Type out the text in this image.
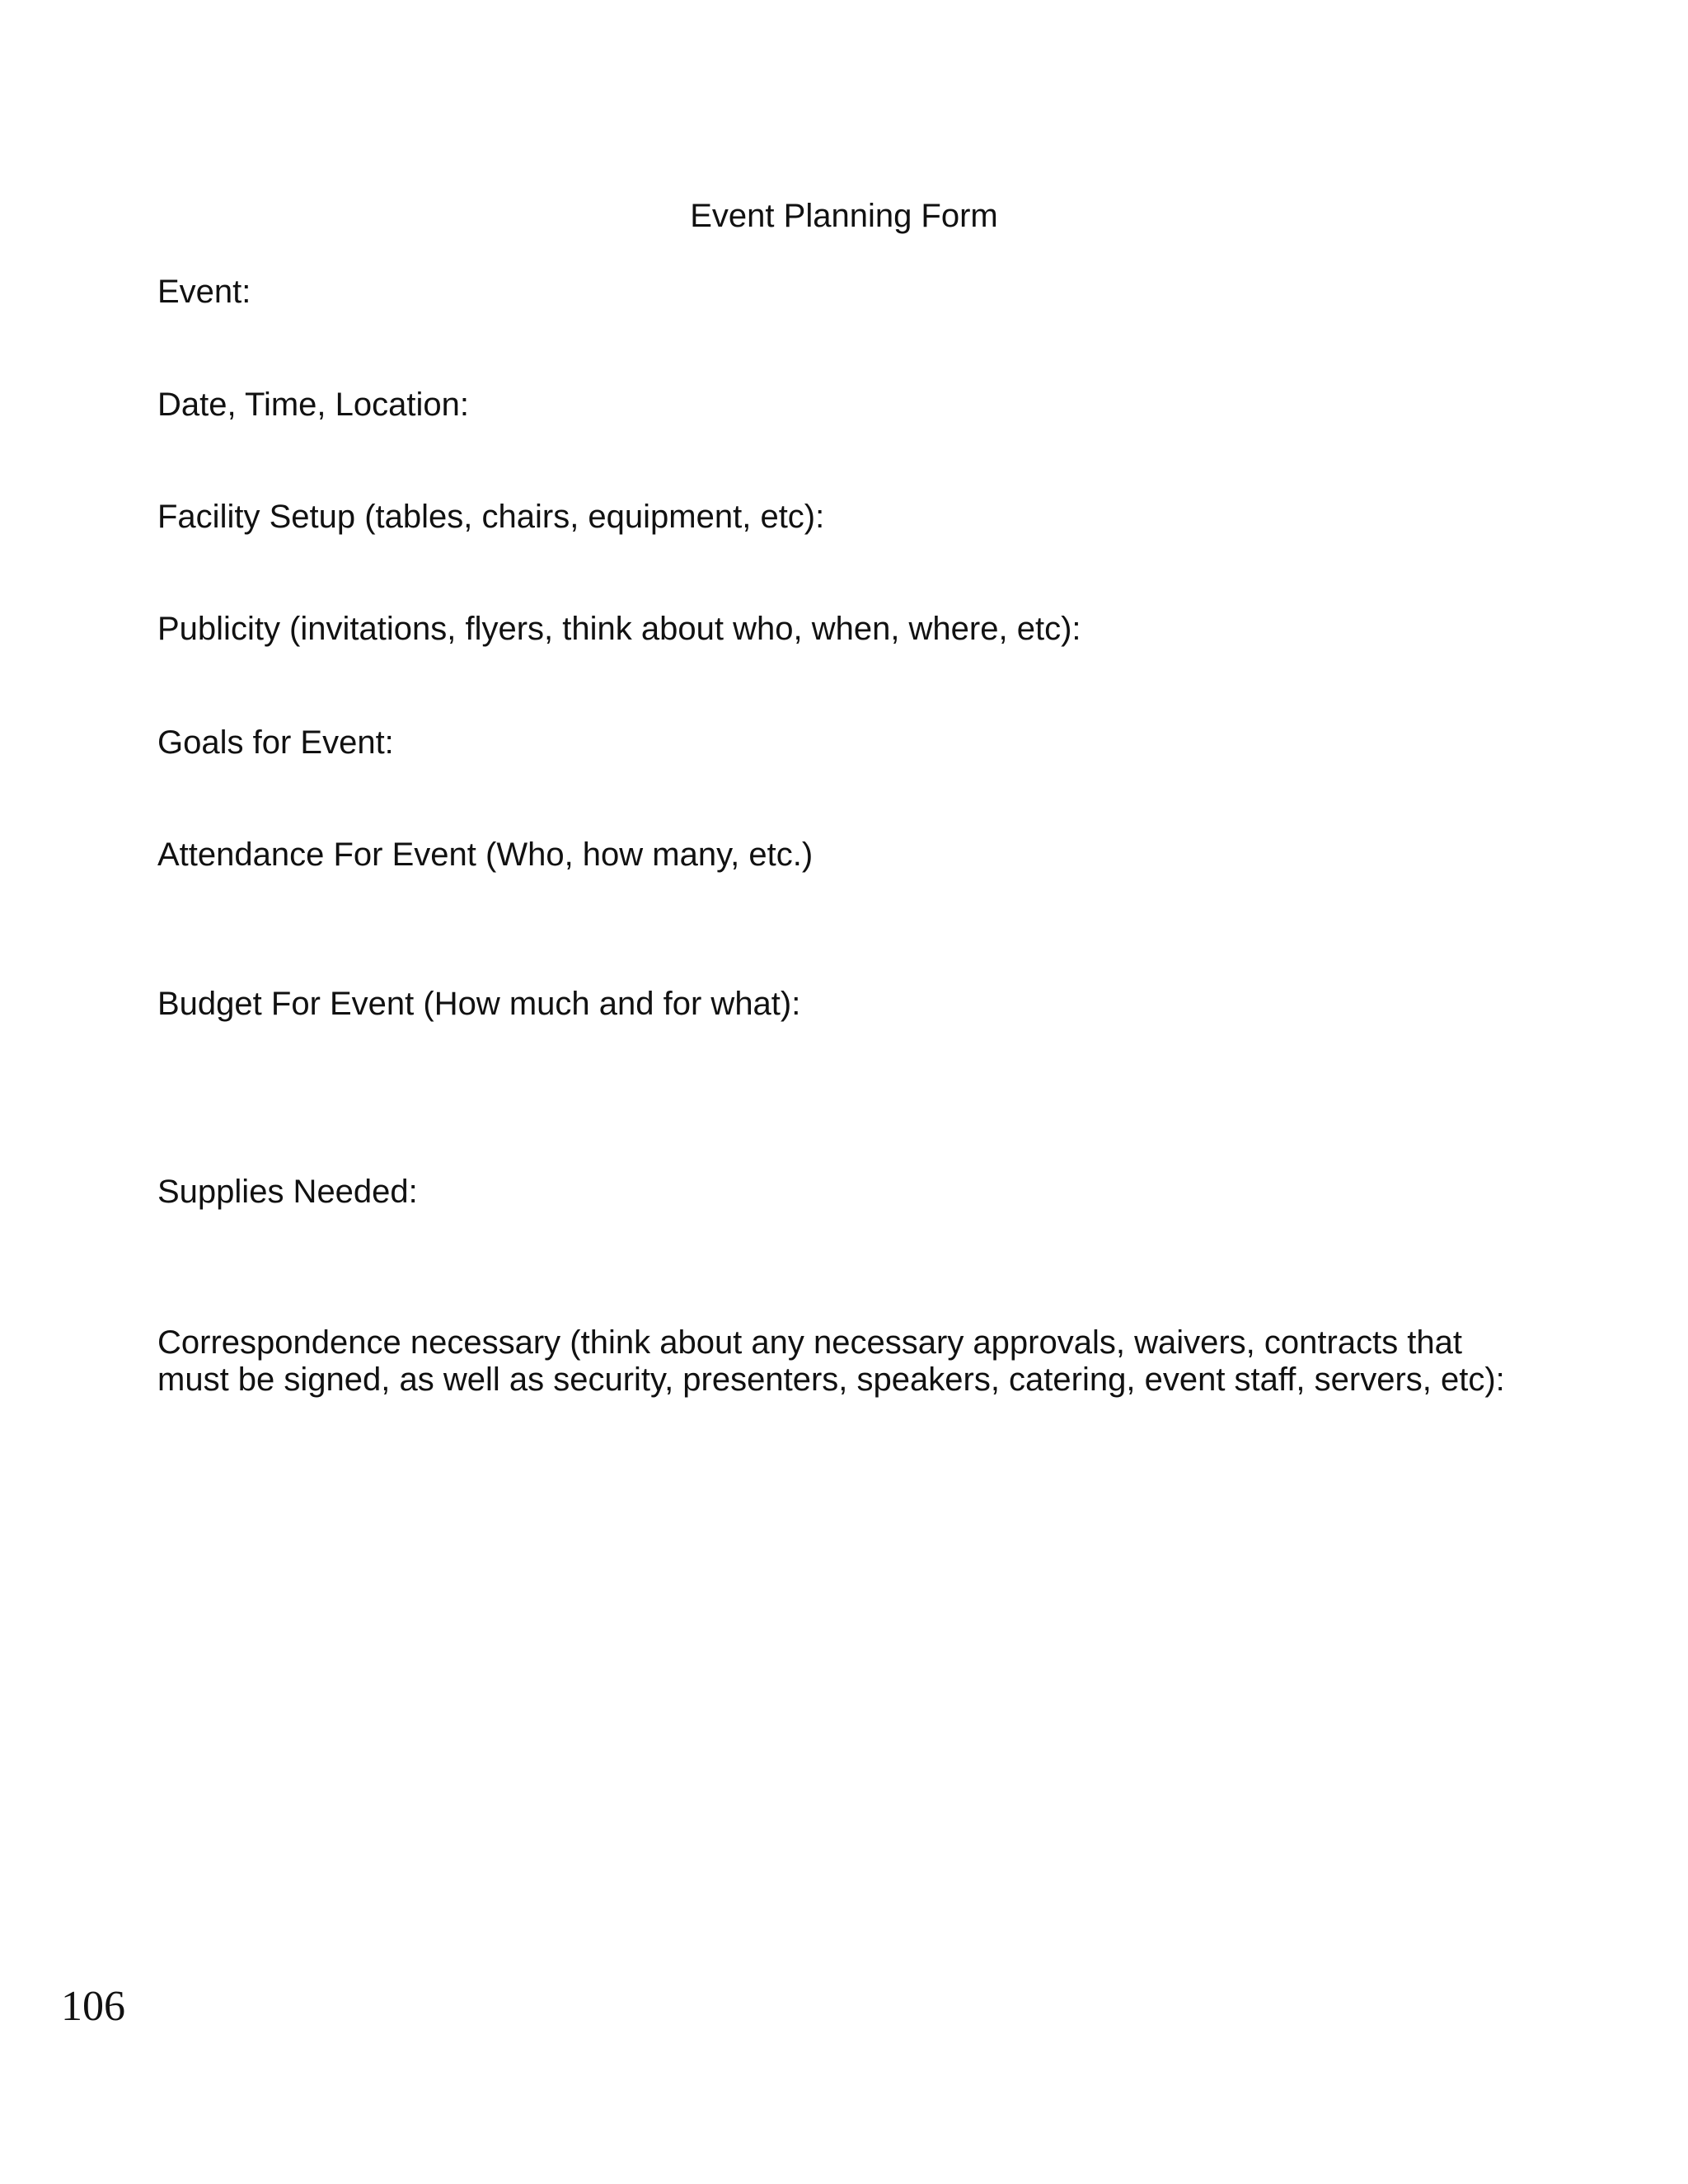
Event Planning Form
Event:
Date, Time, Location:
Facility Setup (tables, chairs, equipment, etc):
Publicity (invitations, flyers, think about who, when, where, etc):
Goals for Event:
Attendance For Event (Who, how many, etc.)
Budget For Event (How much and for what):
Supplies Needed:
Correspondence necessary (think about any necessary approvals, waivers, contracts that
must be signed, as well as security, presenters, speakers, catering, event staff, servers, etc):
106
